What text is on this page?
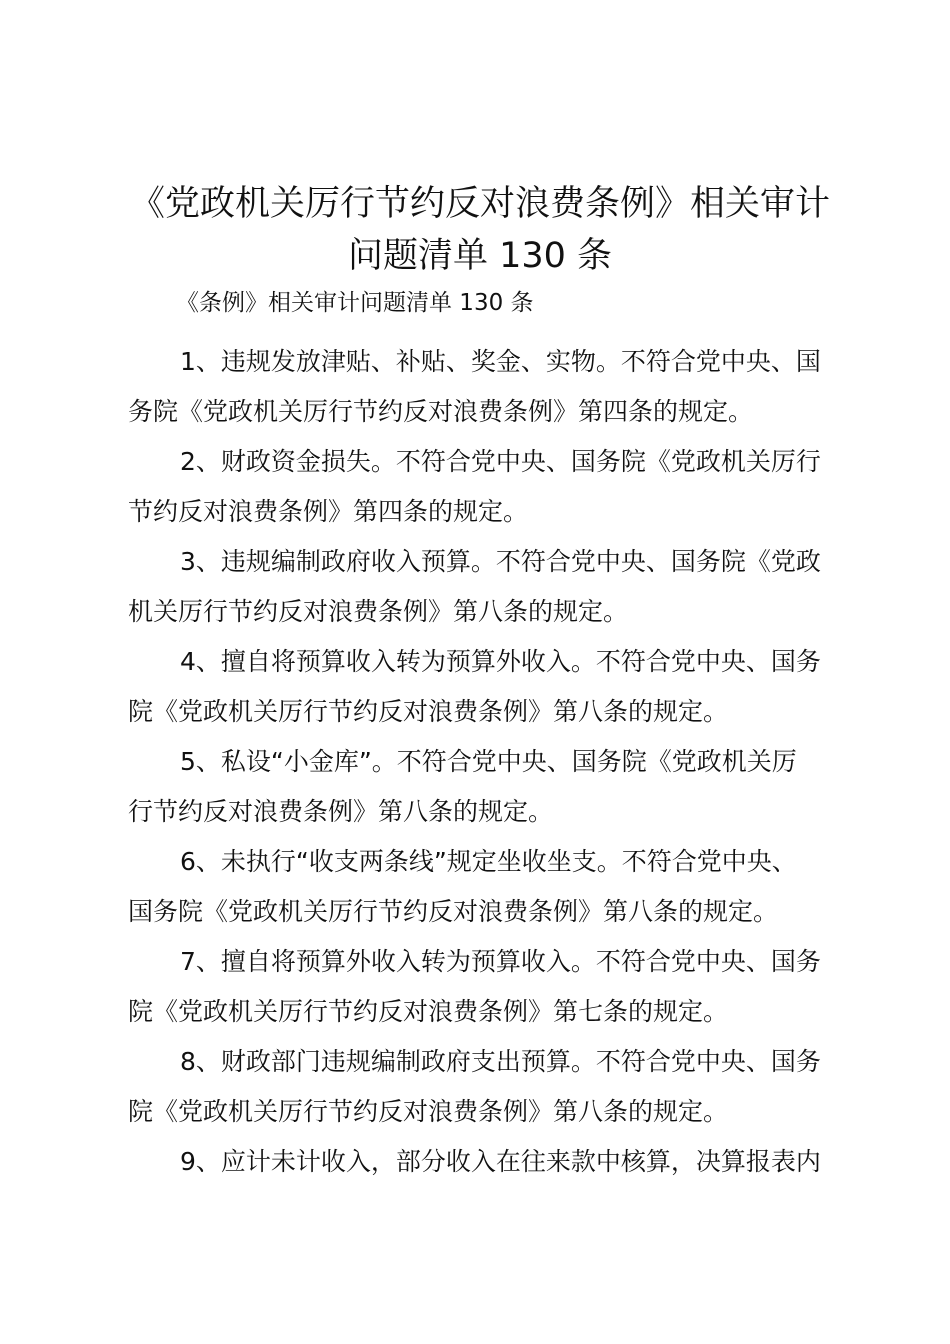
《党政机关厉行节约反对浪费条例》相关审计
问题清单 130 条
《条例》相关审计问题清单 130 条

1、违规发放津贴、补贴、奖金、实物。不符合党中央、国
务院《党政机关厉行节约反对浪费条例》第四条的规定。

2、财政资金损失。不符合党中央、国务院《党政机关厉行
节约反对浪费条例》第四条的规定。

3、违规编制政府收入预算。不符合党中央、国务院《党政
机关厉行节约反对浪费条例》第八条的规定。

4、擅自将预算收入转为预算外收入。不符合党中央、国务
院《党政机关厉行节约反对浪费条例》第八条的规定。

5、私设“小金库”。不符合党中央、国务院《党政机关厉
行节约反对浪费条例》第八条的规定。

6、未执行“收支两条线”规定坐收坐支。不符合党中央、
国务院《党政机关厉行节约反对浪费条例》第八条的规定。

7、擅自将预算外收入转为预算收入。不符合党中央、国务
院《党政机关厉行节约反对浪费条例》第七条的规定。

8、财政部门违规编制政府支出预算。不符合党中央、国务
院《党政机关厉行节约反对浪费条例》第八条的规定。

9、应计未计收入，部分收入在往来款中核算，决算报表内
